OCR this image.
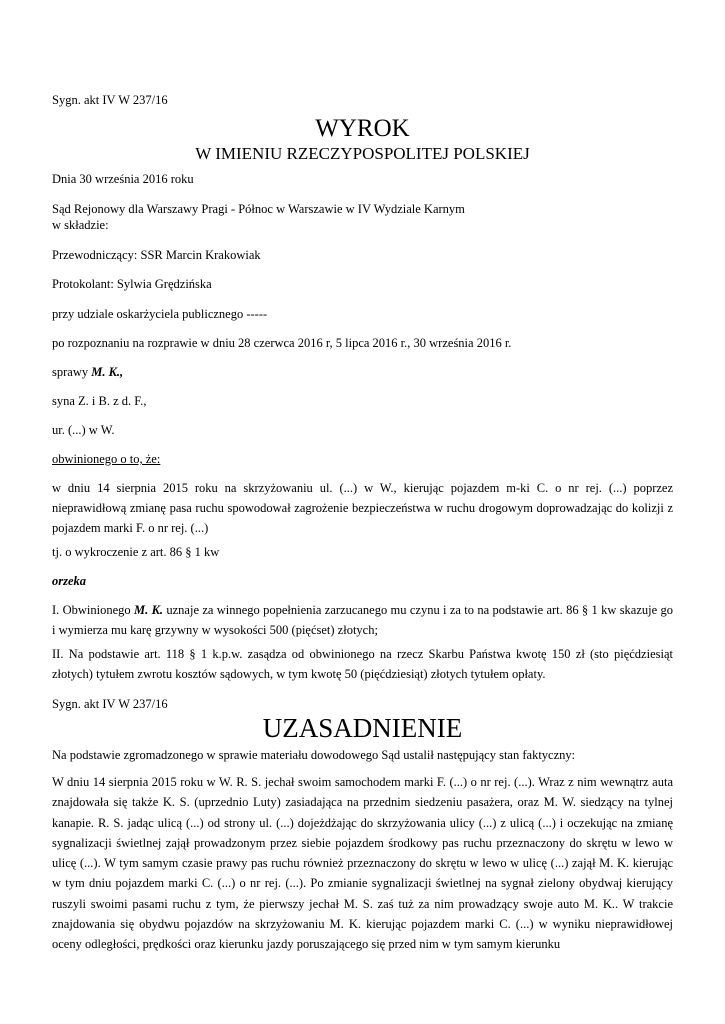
Sygn. akt IV W 237/16
WYROK
W IMIENIU RZECZYPOSPOLITEJ POLSKIEJ
Dnia 30 września 2016 roku
Sąd Rejonowy dla Warszawy Pragi - Północ w Warszawie w IV Wydziale Karnym
w składzie:
Przewodniczący: SSR Marcin Krakowiak
Protokolant: Sylwia Grędzińska
przy udziale oskarżyciela publicznego -----
po rozpoznaniu na rozprawie w dniu 28 czerwca 2016 r, 5 lipca 2016 r., 30 września 2016 r.
sprawy M. K.,
syna Z. i B. z d. F.,
ur. (...) w W.
obwinionego o to, że:
w dniu 14 sierpnia 2015 roku na skrzyżowaniu ul. (...) w W., kierując pojazdem m-ki C. o nr rej. (...) poprzez nieprawidłową zmianę pasa ruchu spowodował zagrożenie bezpieczeństwa w ruchu drogowym doprowadzając do kolizji z pojazdem marki F. o nr rej. (...)
tj. o wykroczenie z art. 86 § 1 kw
orzeka
I. Obwinionego M. K. uznaje za winnego popełnienia zarzucanego mu czynu i za to na podstawie art. 86 § 1 kw skazuje go i wymierza mu karę grzywny w wysokości 500 (pięćset) złotych;
II. Na podstawie art. 118 § 1 k.p.w. zasądza od obwinionego na rzecz Skarbu Państwa kwotę 150 zł (sto pięćdziesiąt złotych) tytułem zwrotu kosztów sądowych, w tym kwotę 50 (pięćdziesiąt) złotych tytułem opłaty.
Sygn. akt IV W 237/16
UZASADNIENIE
Na podstawie zgromadzonego w sprawie materiału dowodowego Sąd ustalił następujący stan faktyczny:
W dniu 14 sierpnia 2015 roku w W. R. S. jechał swoim samochodem marki F. (...) o nr rej. (...). Wraz z nim wewnątrz auta znajdowała się także K. S. (uprzednio Luty) zasiadająca na przednim siedzeniu pasażera, oraz M. W. siedzący na tylnej kanapie. R. S. jadąc ulicą (...) od strony ul. (...) dojeżdżając do skrzyżowania ulicy (...) z ulicą (...) i oczekując na zmianę sygnalizacji świetlnej zajął prowadzonym przez siebie pojazdem środkowy pas ruchu przeznaczony do skrętu w lewo w ulicę (...). W tym samym czasie prawy pas ruchu również przeznaczony do skrętu w lewo w ulicę (...) zajął M. K. kierując w tym dniu pojazdem marki C. (...) o nr rej. (...). Po zmianie sygnalizacji świetlnej na sygnał zielony obydwaj kierujący ruszyli swoimi pasami ruchu z tym, że pierwszy jechał M. S. zaś tuż za nim prowadzący swoje auto M. K.. W trakcie znajdowania się obydwu pojazdów na skrzyżowaniu M. K. kierując pojazdem marki C. (...) w wyniku nieprawidłowej oceny odległości, prędkości oraz kierunku jazdy poruszającego się przed nim w tym samym kierunku
